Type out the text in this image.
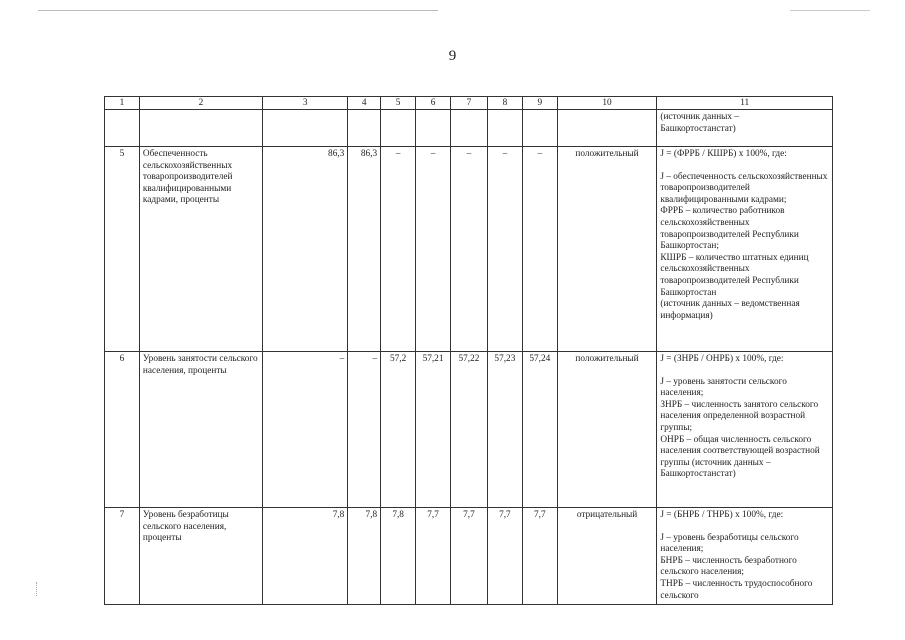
9
1	2	3	4	5	6	7	8	9	10	11

										(источник данных –

Башкортостанстат)

5	Обеспеченность сельскохозяйственных товаропроизводителей квалифицированными кадрами, проценты	86,3	86,3	–	–	–	–	–	положительный	J = (ФРРБ / КШРБ) x 100%, где:

J – обеспеченность сельскохозяйственных товаропроизводителей квалифицированными кадрами;

ФРРБ – количество работников сельскохозяйственных товаропроизводителей Республики Башкортостан;

КШРБ – количество штатных единиц сельскохозяйственных товаропроизводителей Республики Башкортостан

(источник данных – ведомственная информация)

6	Уровень занятости сельского населения, проценты	–	–	57,2	57,21	57,22	57,23	57,24	положительный	J = (ЗНРБ / ОНРБ) x 100%, где:

J – уровень занятости сельского населения;

ЗНРБ – численность занятого сельского населения определенной возрастной группы;

ОНРБ – общая численность сельского населения соответствующей возрастной группы (источник данных – Башкортостанстат)

7	Уровень безработицы сельского населения, проценты	7,8	7,8	7,8	7,7	7,7	7,7	7,7	отрицательный	J = (БНРБ / ТНРБ) x 100%, где:

J – уровень безработицы сельского населения;

БНРБ – численность безработного сельского населения;

ТНРБ – численность трудоспособного сельского
